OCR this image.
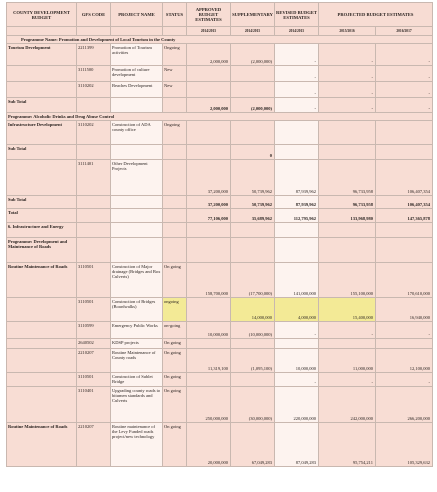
COUNTY DEVELOPMENT BUDGET	GFS CODE	PROJECT NAME	STATUS	APPROVED BUDGET ESTIMATES	SUPPLEMENTARY	REVISED BUDGET ESTIMATES	PROJECTED BUDGET ESTIMATES	
				2014/2015	2014/2015	2014/2015	2015/2016	2016/2017
Programme Name: Promotion and Development of Local Tourism in the County								
Tourism Development	2211399	Promotion of Tourism activities	Ongoing	2,000,000	(2,000,000)	-	-	-
	3111500	Promotion of culture development	New			-	-	-
	3110202	Beaches Development	New			-	-	-
Sub Total				2,000,000	(2,000,000)	-	-	-
Programme: Alcoholic Drinks and Drug Abuse Control								
Infrastructure Development	3110202	Construction of ADA county office	Ongoing					
Sub Total					0			
	3111401	Other Development Projects		37,200,000	50,739,962	87,939,962	96,733,958	106,407,354
Sub Total				37,200,000	50,739,962	87,939,962	96,733,958	106,407,354
Total				77,106,000	35,689,962	112,795,962	133,968,980	147,365,878
6. Infrastructure and Energy								
Programme: Development and Maintenance of Roads								
Routine Maintenance of Roads	3110501	Construction of Major drainage (Bridges and Box Culverts)	On going	158,700,000	(17,700,000)	141,000,000	155,100,000	170,610,000
	3110501	Construction of Bridges (Boardwalks)	ongoing		14,000,000	4,000,000	15,400,000	16,940,000
	3110599	Emergency Public Works	on-going	10,000,000	(10,000,000)	-	-	-
	2640502	KDSP projects	On going					
	2210207	Routine Maintenance of County roads	On going	11,319,100	(1,095,100)	10,000,000	11,000,000	12,100,000
	3110501	Construction of Sublet Bridge	On going			-	-	-
	3110401	Upgrading county roads to bitumen standards and Culverts	On going	250,000,000	(30,000,000)	220,000,000	242,000,000	266,200,000
Routine Maintenance of Roads	2210207	Routine maintenance of the Levy Funded roads project/new technology	On going	20,000,000	67,049,283	87,049,283	95,754,211	105,329,632
